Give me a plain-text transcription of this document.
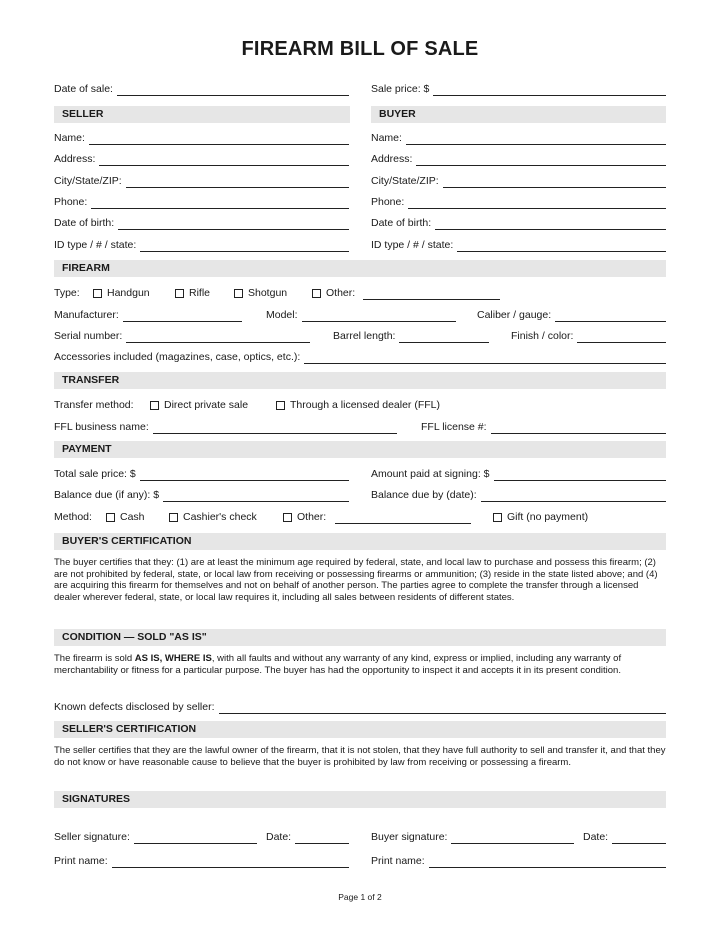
FIREARM BILL OF SALE
Date of sale:	Sale price: $
SELLER	BUYER
Name:	Name:
Address:	Address:
City/State/ZIP:	City/State/ZIP:
Phone:	Phone:
Date of birth:	Date of birth:
ID type / # / state:	ID type / # / state:
FIREARM
Type:	Handgun	Rifle	Shotgun	Other:
Manufacturer:	Model:	Caliber / gauge:
Serial number:	Barrel length:	Finish / color:
Accessories included (magazines, case, optics, etc.):
TRANSFER
Transfer method:	Direct private sale	Through a licensed dealer (FFL)
FFL business name:	FFL license #:
PAYMENT
Total sale price: $	Amount paid at signing: $
Balance due (if any): $	Balance due by (date):
Method:	Cash	Cashier's check	Other:	Gift (no payment)
BUYER'S CERTIFICATION
The buyer certifies that they: (1) are at least the minimum age required by federal, state, and local law to purchase and possess this firearm; (2) are not prohibited by federal, state, or local law from receiving or possessing firearms or ammunition; (3) reside in the state listed above; and (4) are acquiring this firearm for themselves and not on behalf of another person. The parties agree to complete the transfer through a licensed dealer wherever federal, state, or local law requires it, including all sales between residents of different states.
CONDITION — SOLD "AS IS"
The firearm is sold AS IS, WHERE IS, with all faults and without any warranty of any kind, express or implied, including any warranty of merchantability or fitness for a particular purpose. The buyer has had the opportunity to inspect it and accepts it in its present condition.
Known defects disclosed by seller:
SELLER'S CERTIFICATION
The seller certifies that they are the lawful owner of the firearm, that it is not stolen, that they have full authority to sell and transfer it, and that they do not know or have reasonable cause to believe that the buyer is prohibited by law from receiving or possessing a firearm.
SIGNATURES
Seller signature:	Date:	Buyer signature:	Date:
Print name:	Print name:
Page 1 of 2
